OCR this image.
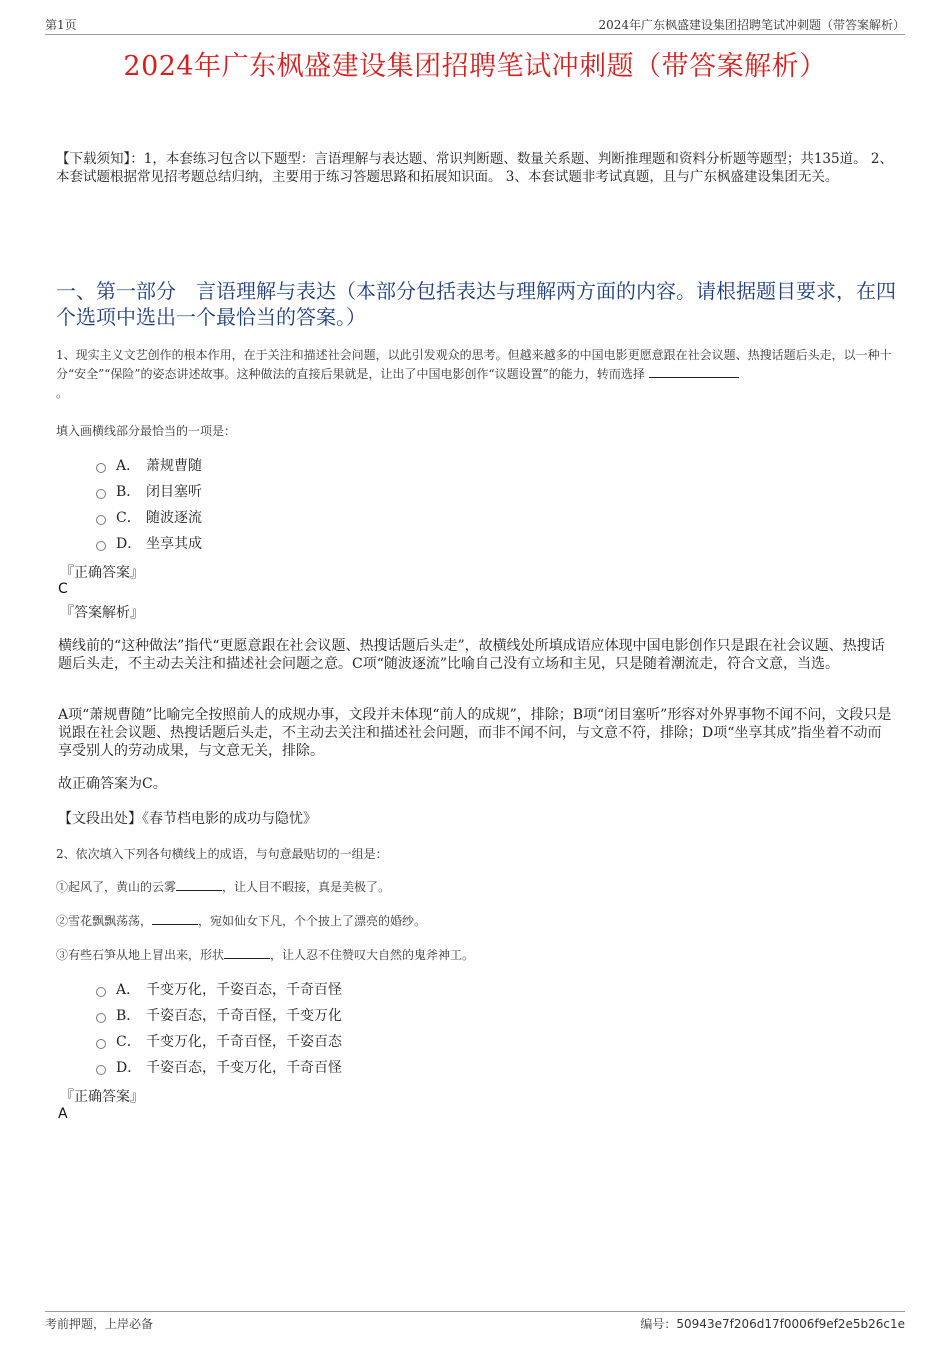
第1页	2024年广东枫盛建设集团招聘笔试冲刺题（带答案解析）
2024年广东枫盛建设集团招聘笔试冲刺题（带答案解析）
【下载须知】：1，本套练习包含以下题型：言语理解与表达题、常识判断题、数量关系题、判断推理题和资料分析题等题型；共135道。 2、本套试题根据常见招考题总结归纳，主要用于练习答题思路和拓展知识面。 3、本套试题非考试真题，且与广东枫盛建设集团无关。
一、第一部分　言语理解与表达（本部分包括表达与理解两方面的内容。请根据题目要求，在四个选项中选出一个最恰当的答案。）
1、现实主义文艺创作的根本作用，在于关注和描述社会问题，以此引发观众的思考。但越来越多的中国电影更愿意跟在社会议题、热搜话题后头走，以一种十分“安全”“保险”的姿态讲述故事。这种做法的直接后果就是，让出了中国电影创作“议题设置”的能力，转而选择
。
填入画横线部分最恰当的一项是：
A． 萧规曹随
B． 闭目塞听
C． 随波逐流
D． 坐享其成
『正确答案』
C
『答案解析』
横线前的“这种做法”指代“更愿意跟在社会议题、热搜话题后头走”，故横线处所填成语应体现中国电影创作只是跟在社会议题、热搜话题后头走，不主动去关注和描述社会问题之意。C项“随波逐流”比喻自己没有立场和主见，只是随着潮流走，符合文意，当选。
A项“萧规曹随”比喻完全按照前人的成规办事，文段并未体现“前人的成规”，排除；B项“闭目塞听”形容对外界事物不闻不问，文段只是说跟在社会议题、热搜话题后头走，不主动去关注和描述社会问题，而非不闻不问，与文意不符，排除；D项“坐享其成”指坐着不动而享受别人的劳动成果，与文意无关，排除。
故正确答案为C。
【文段出处】《春节档电影的成功与隐忧》
2、依次填入下列各句横线上的成语，与句意最贴切的一组是：
①起风了，黄山的云雾	，让人目不暇接，真是美极了。
②雪花飘飘荡荡，	，宛如仙女下凡，个个披上了漂亮的婚纱。
③有些石笋从地上冒出来，形状	，让人忍不住赞叹大自然的鬼斧神工。
A． 千变万化，千姿百态，千奇百怪
B． 千姿百态，千奇百怪，千变万化
C． 千变万化，千奇百怪，千姿百态
D． 千姿百态，千变万化，千奇百怪
『正确答案』
A
考前押题，上岸必备	编号：50943e7f206d17f0006f9ef2e5b26c1e
